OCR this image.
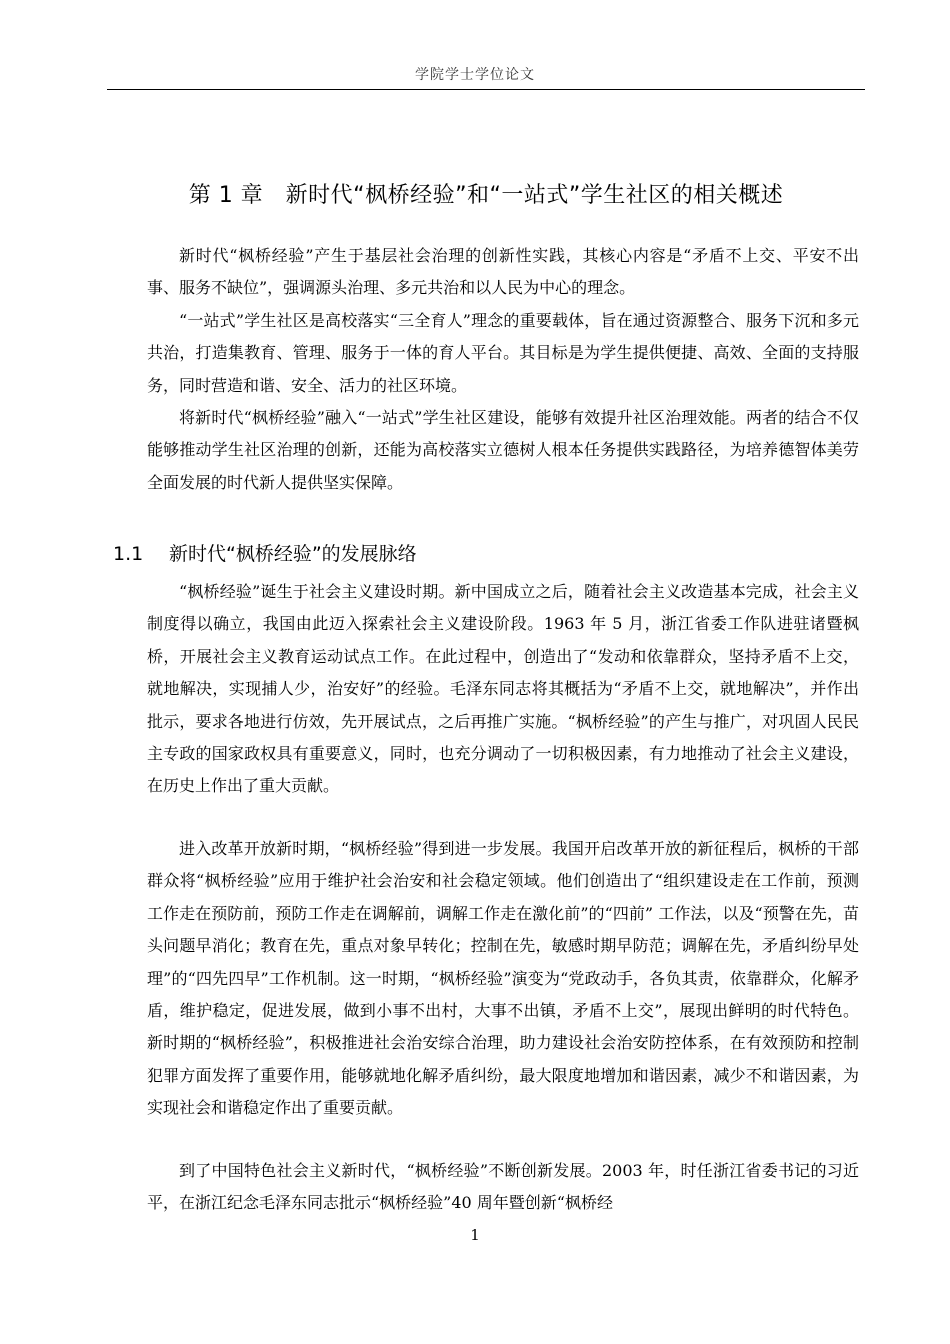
学院学士学位论文
第 1 章　新时代“枫桥经验”和“一站式”学生社区的相关概述

新时代“枫桥经验”产生于基层社会治理的创新性实践，其核心内容是“矛盾不上交、平安不出事、服务不缺位”，强调源头治理、多元共治和以人民为中心的理念。

“一站式”学生社区是高校落实“三全育人”理念的重要载体，旨在通过资源整合、服务下沉和多元共治，打造集教育、管理、服务于一体的育人平台。其目标是为学生提供便捷、高效、全面的支持服务，同时营造和谐、安全、活力的社区环境。

将新时代“枫桥经验”融入“一站式”学生社区建设，能够有效提升社区治理效能。两者的结合不仅能够推动学生社区治理的创新，还能为高校落实立德树人根本任务提供实践路径，为培养德智体美劳全面发展的时代新人提供坚实保障。

1.1 新时代“枫桥经验”的发展脉络

“枫桥经验”诞生于社会主义建设时期。新中国成立之后，随着社会主义改造基本完成，社会主义制度得以确立，我国由此迈入探索社会主义建设阶段。1963 年 5 月，浙江省委工作队进驻诸暨枫桥，开展社会主义教育运动试点工作。在此过程中，创造出了“发动和依靠群众，坚持矛盾不上交，就地解决，实现捕人少，治安好”的经验。毛泽东同志将其概括为“矛盾不上交，就地解决”，并作出批示，要求各地进行仿效，先开展试点，之后再推广实施。“枫桥经验”的产生与推广，对巩固人民民主专政的国家政权具有重要意义，同时，也充分调动了一切积极因素，有力地推动了社会主义建设，在历史上作出了重大贡献。

进入改革开放新时期，“枫桥经验”得到进一步发展。我国开启改革开放的新征程后，枫桥的干部群众将“枫桥经验”应用于维护社会治安和社会稳定领域。他们创造出了“组织建设走在工作前，预测工作走在预防前，预防工作走在调解前，调解工作走在激化前”的“四前” 工作法，以及“预警在先，苗头问题早消化；教育在先，重点对象早转化；控制在先，敏感时期早防范；调解在先，矛盾纠纷早处理”的“四先四早”工作机制。这一时期，“枫桥经验”演变为“党政动手，各负其责，依靠群众，化解矛盾，维护稳定，促进发展，做到小事不出村，大事不出镇，矛盾不上交”，展现出鲜明的时代特色。新时期的“枫桥经验”，积极推进社会治安综合治理，助力建设社会治安防控体系，在有效预防和控制犯罪方面发挥了重要作用，能够就地化解矛盾纠纷，最大限度地增加和谐因素，减少不和谐因素，为实现社会和谐稳定作出了重要贡献。

到了中国特色社会主义新时代，“枫桥经验”不断创新发展。2003 年，时任浙江省委书记的习近平，在浙江纪念毛泽东同志批示“枫桥经验”40 周年暨创新“枫桥经

1
